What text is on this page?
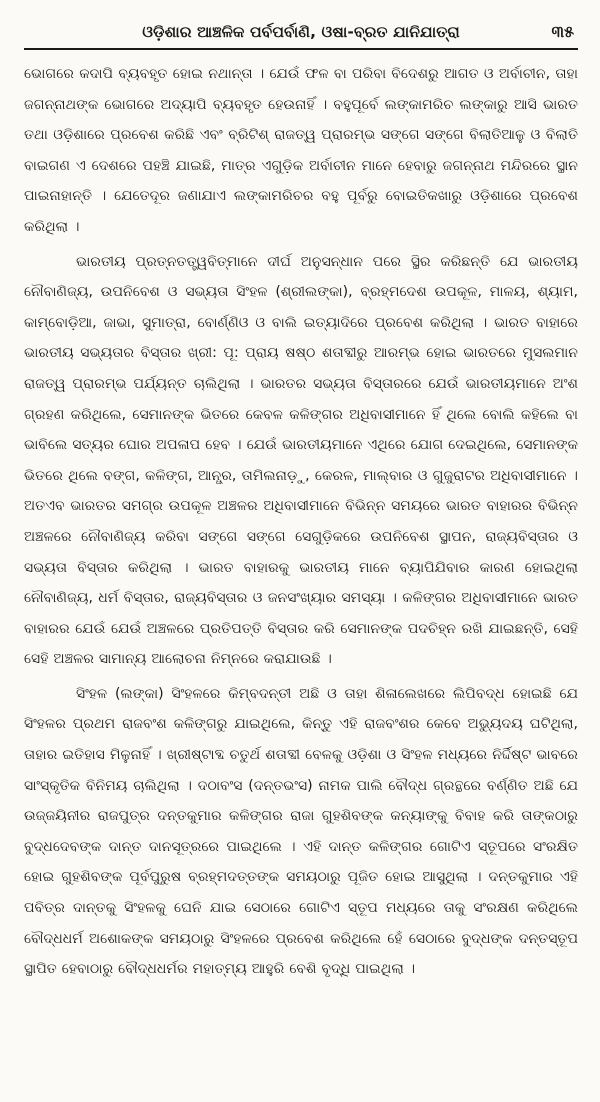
ଓଡ଼ିଶାର ଆଞ୍ଚଳିକ ପର୍ବପର୍ବାଣି, ଓଷା-ବ୍ରତ ଯାନିଯାତ୍ରା	୩୫

ଭୋଗରେ କଦାପି ବ୍ୟବହୃତ ହୋଇ ନଥାନ୍ତା । ଯେଉଁ ଫଳ ବା ପରିବା ବିଦେଶରୁ ଆଗତ ଓ ଅର୍ବାଚୀନ, ତାହା ଜଗନ୍ନାଥଙ୍କ ଭୋଗରେ ଅଦ୍ୟାପି ବ୍ୟବହୃତ ହେଉନାହିଁ । ବହୁପୂର୍ବେ ଲଙ୍କାମରିଚ ଲଙ୍କାରୁ ଆସି ଭାରତ ତଥା ଓଡ଼ିଶାରେ ପ୍ରବେଶ କରିଛି ଏବଂ ବ୍ରିଟିଶ୍ ରାଜତ୍ୱ ପ୍ରାରମ୍ଭ ସଙ୍ଗେ ସଙ୍ଗେ ବିଲାତିଆଳୁ ଓ ବିଲାତି ବାଇଗଣ ଏ ଦେଶରେ ପହଞ୍ଚି ଯାଇଛି, ମାତ୍ର ଏଗୁଡ଼ିକ ଅର୍ବାଚୀନ ମାନେ ହେବାରୁ ଜଗନ୍ନାଥ ମନ୍ଦିରରେ ସ୍ଥାନ ପାଇନାହାନ୍ତି । ଯେତେଦୂର ଜଣାଯାଏ ଲଙ୍କାମରିଚର ବହୁ ପୂର୍ବରୁ ବୋଇତିକଖାରୁ ଓଡ଼ିଶାରେ ପ୍ରବେଶ କରିଥିଲା ।

ଭାରତୀୟ ପ୍ରତ୍ନତତ୍ତ୍ୱବିତ୍‌ମାନେ ଦୀର୍ଘ ଅନୁସନ୍ଧାନ ପରେ ସ୍ଥିର କରିଛନ୍ତି ଯେ ଭାରତୀୟ ନୌବାଣିଜ୍ୟ, ଉପନିବେଶ ଓ ସଭ୍ୟତା ସିଂହଳ (ଶ୍ରୀଲଙ୍କା), ବ୍ରହ୍ମଦେଶ ଉପକୂଳ, ମାଳୟ, ଶ୍ୟାମ, କାମ୍ବୋଡ଼ିଆ, ଜାଭା, ସୁମାତ୍ରା, ବୋର୍ଣ୍ଣିଓ ଓ ବାଲି ଇତ୍ୟାଦିରେ ପ୍ରବେଶ କରିଥିଲା । ଭାରତ ବାହାରେ ଭାରତୀୟ ସଭ୍ୟତାର ବିସ୍ତାର ଖ୍ରୀ: ପୂ: ପ୍ରାୟ ଷଷ୍ଠ ଶତାବ୍ଦୀରୁ ଆରମ୍ଭ ହୋଇ ଭାରତରେ ମୁସଲମାନ ରାଜତ୍ୱ ପ୍ରାରମ୍ଭ ପର୍ଯ୍ୟନ୍ତ ଚାଲିଥିଲା । ଭାରତର ସଭ୍ୟତା ବିସ୍ତାରରେ ଯେଉଁ ଭାରତୀୟମାନେ ଅଂଶ ଗ୍ରହଣ କରିଥିଲେ, ସେମାନଙ୍କ ଭିତରେ କେବଳ କଳିଙ୍ଗର ଅଧିବାସୀମାନେ ହିଁ ଥିଲେ ବୋଲି କହିଲେ ବା ଭାବିଲେ ସତ୍ୟର ଘୋର ଅପଳାପ ହେବ । ଯେଉଁ ଭାରତୀୟମାନେ ଏଥିରେ ଯୋଗ ଦେଇଥିଲେ, ସେମାନଙ୍କ ଭିତରେ ଥିଲେ ବଙ୍ଗ, କଳିଙ୍ଗ, ଆନ୍ଧ୍ର, ତାମିଲନାଡ଼ୁ, କେରଳ, ମାଲ୍‌ବାର ଓ ଗୁଜୁରାଟର ଅଧିବାସୀମାନେ । ଅତଏବ ଭାରତର ସମଗ୍ର ଉପକୂଳ ଅଞ୍ଚଳର ଅଧିବାସୀମାନେ ବିଭିନ୍ନ ସମୟରେ ଭାରତ ବାହାରର ବିଭିନ୍ନ ଅଞ୍ଚଳରେ ନୌବାଣିଜ୍ୟ କରିବା ସଙ୍ଗେ ସଙ୍ଗେ ସେଗୁଡ଼ିକରେ ଉପନିବେଶ ସ୍ଥାପନ, ରାଜ୍ୟବିସ୍ତାର ଓ ସଭ୍ୟତା ବିସ୍ତାର କରିଥିଲା । ଭାରତ ବାହାରକୁ ଭାରତୀୟ ମାନେ ବ୍ୟାପିଯିବାର କାରଣ ହୋଇଥିଲା ନୌବାଣିଜ୍ୟ, ଧର୍ମ ବିସ୍ତାର, ରାଜ୍ୟବିସ୍ତାର ଓ ଜନସଂଖ୍ୟାର ସମସ୍ୟା । କଳିଙ୍ଗର ଅଧିବାସୀମାନେ ଭାରତ ବାହାରର ଯେଉଁ ଯେଉଁ ଅଞ୍ଚଳରେ ପ୍ରତିପତ୍ତି ବିସ୍ତାର କରି ସେମାନଙ୍କ ପଦଚିହ୍ନ ରଖି ଯାଇଛନ୍ତି, ସେହି ସେହି ଅଞ୍ଚଳର ସାମାନ୍ୟ ଆଲୋଚନା ନିମ୍ନରେ କରାଯାଉଛି ।

ସିଂହଳ (ଲଙ୍କା) ସିଂହଳରେ କିମ୍ବଦନ୍ତୀ ଅଛି ଓ ତାହା ଶିଳାଲେଖରେ ଲିପିବଦ୍ଧ ହୋଇଛି ଯେ ସିଂହଳର ପ୍ରଥମ ରାଜବଂଶ କଳିଙ୍ଗରୁ ଯାଇଥିଲେ, କିନ୍ତୁ ଏହି ରାଜବଂଶର କେବେ ଅଭ୍ୟୁଦୟ ଘଟିଥିଲା, ତାହାର ଇତିହାସ ମିଳୁନାହିଁ । ଖ୍ରୀଷ୍ଟାବ୍ଦ ଚତୁର୍ଥ ଶତାବ୍ଦୀ ବେଳକୁ ଓଡ଼ିଶା ଓ ସିଂହଳ ମଧ୍ୟରେ ନିର୍ଦ୍ଦିଷ୍ଟ ଭାବରେ ସାଂସ୍କୃତିକ ବିନିମୟ ଚାଲିଥିଲା । ଦଠାବଂସ (ଦନ୍ତଭଂସ) ନାମକ ପାଲି ବୌଦ୍ଧ ଗ୍ରନ୍ଥରେ ବର୍ଣ୍ଣିତ ଅଛି ଯେ ଉଜ୍ଜୟିନୀର ରାଜପୁତ୍ର ଦନ୍ତକୁମାର କଳିଙ୍ଗର ରାଜା ଗୁହଶିବଙ୍କ କନ୍ୟାଙ୍କୁ ବିବାହ କରି ତାଙ୍କଠାରୁ ବୁଦ୍ଧଦେବଙ୍କ ଦାନ୍ତ ଦାନସୂତ୍ରରେ ପାଇଥିଲେ । ଏହି ଦାନ୍ତ କଳିଙ୍ଗର ଗୋଟିଏ ସ୍ତୂପରେ ସଂରକ୍ଷିତ ହୋଇ ଗୁହଶିବଙ୍କ ପୂର୍ବପୁରୁଷ ବ୍ରହ୍ମଦତ୍ତଙ୍କ ସମୟଠାରୁ ପୂଜିତ ହୋଇ ଆସୁଥିଲା । ଦନ୍ତକୁମାର ଏହି ପବିତ୍ର ଦାନ୍ତକୁ ସିଂହଳକୁ ଘେନି ଯାଇ ସେଠାରେ ଗୋଟିଏ ସ୍ତୂପ ମଧ୍ୟରେ ତାକୁ ସଂରକ୍ଷଣ କରିଥିଲେ ବୌଦ୍ଧଧର୍ମ ଅଶୋକଙ୍କ ସମୟଠାରୁ ସିଂହଳରେ ପ୍ରବେଶ କରିଥିଲେ ହେଁ ସେଠାରେ ବୁଦ୍ଧଙ୍କ ଦନ୍ତସ୍ତୂପ ସ୍ଥାପିତ ହେବାଠାରୁ ବୌଦ୍ଧଧର୍ମର ମହାତ୍ମ୍ୟ ଆହୁରି ବେଶି ବୃଦ୍ଧି ପାଇଥିଲା ।
